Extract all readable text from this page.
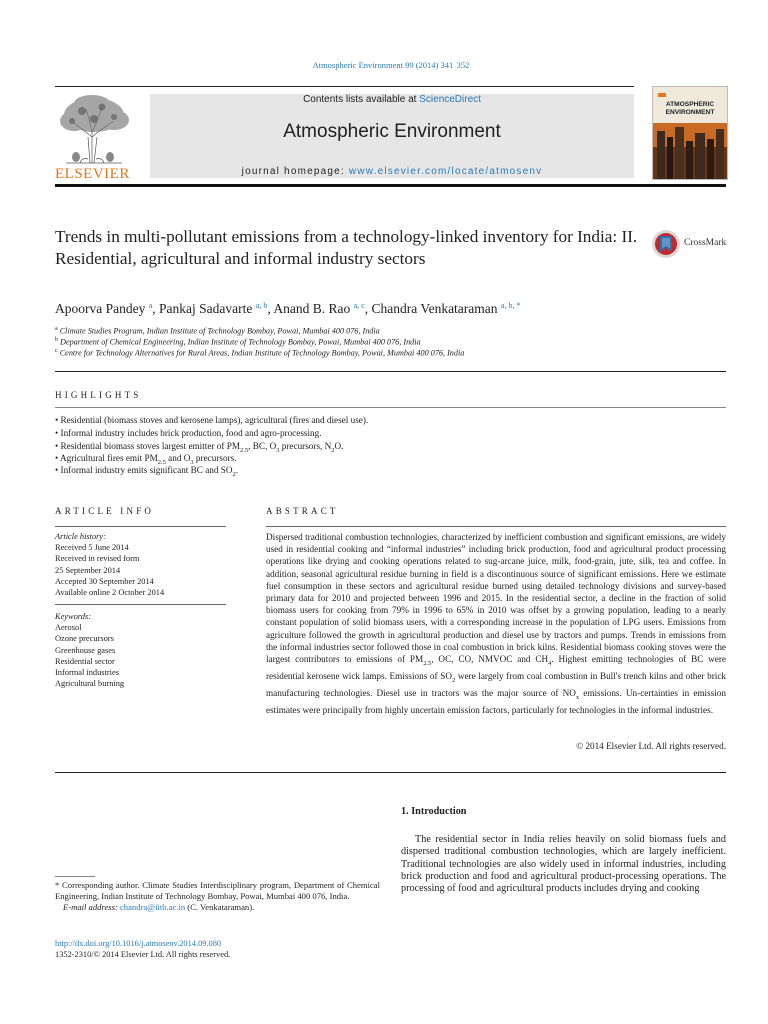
Atmospheric Environment 99 (2014) 341  352
ELSEVIER
Contents lists available at ScienceDirect
Atmospheric Environment
journal homepage: www.elsevier.com/locate/atmosenv
ATMOSPHERIC
ENVIRONMENT
Trends in multi-pollutant emissions from a technology-linked inventory for India: II. Residential, agricultural and informal industry sectors
CrossMark
Apoorva Pandey $^a$, Pankaj Sadavarte $^{a, b}$, Anand B. Rao $^{a, c}$, Chandra Venkataraman $^{a, b, *}$
$^a$ Climate Studies Program, Indian Institute of Technology Bombay, Powai, Mumbai 400 076, India
$^b$ Department of Chemical Engineering, Indian Institute of Technology Bombay, Powai, Mumbai 400 076, India
$^c$ Centre for Technology Alternatives for Rural Areas, Indian Institute of Technology Bombay, Powai, Mumbai 400 076, India
HIGHLIGHTS
• Residential (biomass stoves and kerosene lamps), agricultural (fires and diesel use).
• Informal industry includes brick production, food and agro-processing.
• Residential biomass stoves largest emitter of $PM_{2.5}$, BC, $O_3$ precursors, $N_2O$.
• Agricultural fires emit $PM_{2.5}$ and $O_3$ precursors.
• Informal industry emits significant BC and $SO_2$.
ARTICLE INFO
Article history:
Received 5 June 2014
Received in revised form
25 September 2014
Accepted 30 September 2014
Available online 2 October 2014
Keywords:
Aerosol
Ozone precursors
Greenhouse gases
Residential sector
Informal industries
Agricultural burning
ABSTRACT
Dispersed traditional combustion technologies, characterized by inefficient combustion and significant emissions, are widely used in residential cooking and “informal industries” including brick production, food and agricultural product processing operations like drying and cooking operations related to sug-arcane juice, milk, food-grain, jute, silk, tea and coffee. In addition, seasonal agricultural residue burning in field is a discontinuous source of significant emissions. Here we estimate fuel consumption in these sectors and agricultural residue burned using detailed technology divisions and survey-based primary data for 2010 and projected between 1996 and 2015. In the residential sector, a decline in the fraction of solid biomass users for cooking from 79% in 1996 to 65% in 2010 was offset by a growing population, leading to a nearly constant population of solid biomass users, with a corresponding increase in the population of LPG users. Emissions from agriculture followed the growth in agricultural production and diesel use by tractors and pumps. Trends in emissions from the informal industries sector followed those in coal combustion in brick kilns. Residential biomass cooking stoves were the largest contributors to emissions of $PM_{2.5}$, OC, CO, NMVOC and $CH_4$. Highest emitting technologies of BC were residential kerosene wick lamps. Emissions of $SO_2$ were largely from coal combustion in Bull's trench kilns and other brick manufacturing technologies. Diesel use in tractors was the major source of $NO_x$ emissions. Un-certainties in emission estimates were principally from highly uncertain emission factors, particularly for technologies in the informal industries.
© 2014 Elsevier Ltd. All rights reserved.
1. Introduction
The residential sector in India relies heavily on solid biomass fuels and dispersed traditional combustion technologies, which are largely inefficient. Traditional technologies are also widely used in informal industries, including brick production and food and agricultural product-processing operations. The processing of food and agricultural products includes drying and cooking
* Corresponding author. Climate Studies Interdisciplinary program, Department of Chemical Engineering, Indian Institute of Technology Bombay, Powai, Mumbai 400 076, India.
E-mail address: chandra@iitb.ac.in (C. Venkataraman).
http://dx.doi.org/10.1016/j.atmosenv.2014.09.080
1352-2310/© 2014 Elsevier Ltd. All rights reserved.
